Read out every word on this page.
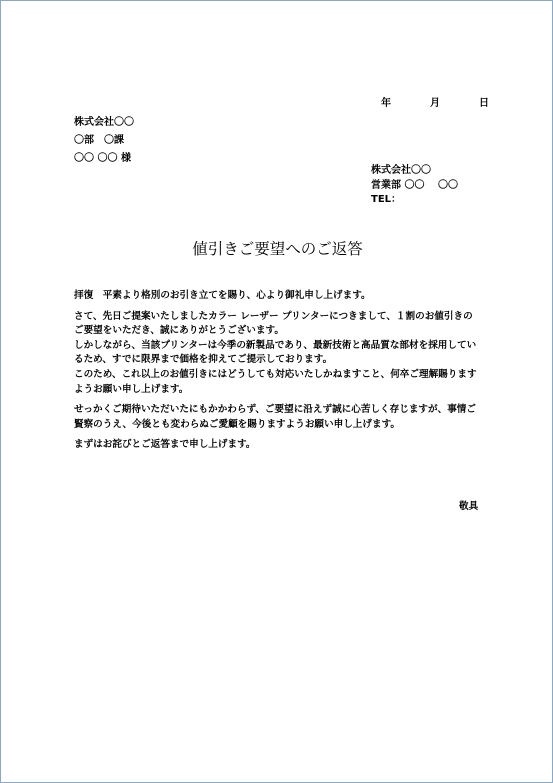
年	月	日
株式会社〇〇
〇部　〇課
〇〇 〇〇 様
株式会社〇〇
営業部 〇〇　 〇〇
TEL：
値引きご要望へのご返答

拝復　平素より格別のお引き立てを賜り、心より御礼申し上げます。

さて、先日ご提案いたしましたカラー レーザー プリンターにつきまして、１割のお値引きのご要望をいただき、誠にありがとうございます。
しかしながら、当該プリンターは今季の新製品であり、最新技術と高品質な部材を採用しているため、すでに限界まで価格を抑えてご提示しております。
このため、これ以上のお値引きにはどうしても対応いたしかねますこと、何卒ご理解賜りますようお願い申し上げます。

せっかくご期待いただいたにもかかわらず、ご要望に沿えず誠に心苦しく存じますが、事情ご賢察のうえ、今後とも変わらぬご愛顧を賜りますようお願い申し上げます。

まずはお詫びとご返答まで申し上げます。

敬具
